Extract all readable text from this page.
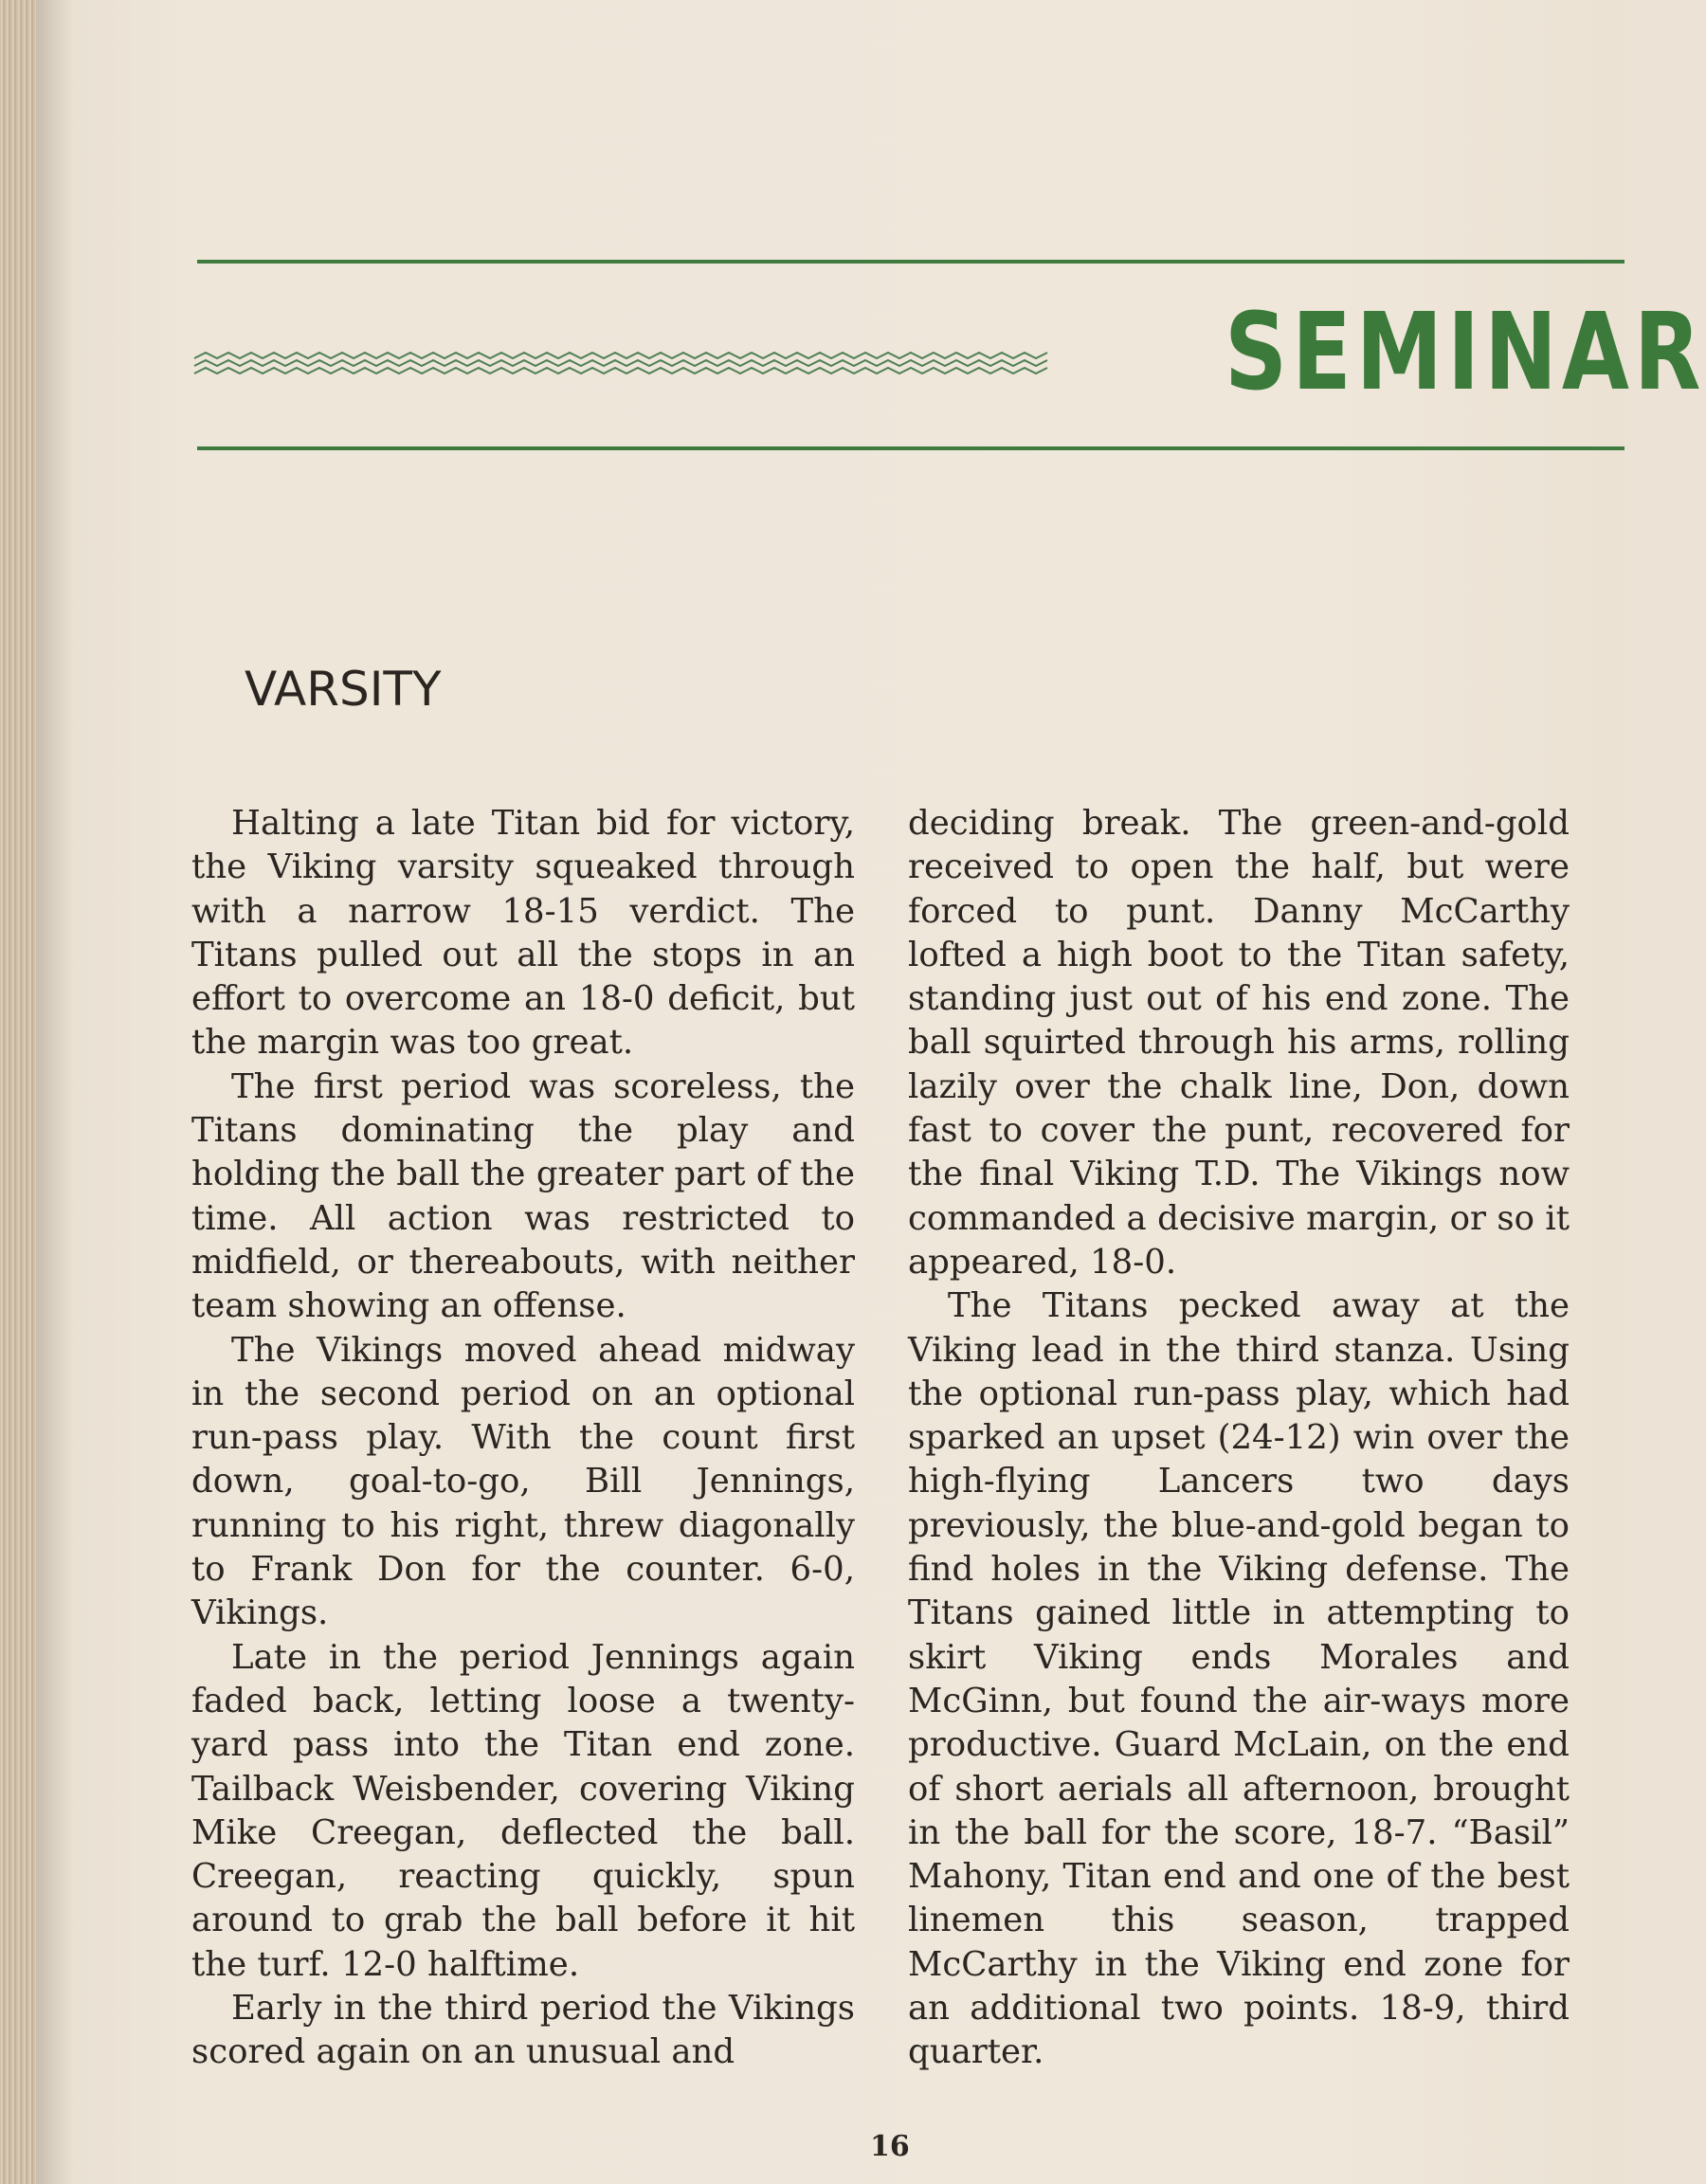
SEMINAR
VARSITY

Halting a late Titan bid for victory, the Viking varsity squeaked through with a narrow 18-15 verdict. The Titans pulled out all the stops in an effort to overcome an 18-0 deficit, but the margin was too great.

The first period was scoreless, the Titans dominating the play and holding the ball the greater part of the time. All action was restricted to midfield, or thereabouts, with neither team showing an offense.

The Vikings moved ahead midway in the second period on an optional run-pass play. With the count first down, goal-to-go, Bill Jennings, running to his right, threw diagonally to Frank Don for the counter. 6-0, Vikings.

Late in the period Jennings again faded back, letting loose a twenty-yard pass into the Titan end zone. Tailback Weisbender, covering Viking Mike Creegan, deflected the ball. Creegan, reacting quickly, spun around to grab the ball before it hit the turf. 12-0 halftime.

Early in the third period the Vikings scored again on an unusual and

deciding break. The green-and-gold received to open the half, but were forced to punt. Danny McCarthy lofted a high boot to the Titan safety, standing just out of his end zone. The ball squirted through his arms, rolling lazily over the chalk line, Don, down fast to cover the punt, recovered for the final Viking T.D. The Vikings now commanded a decisive margin, or so it appeared, 18-0.

The Titans pecked away at the Viking lead in the third stanza. Using the optional run-pass play, which had sparked an upset (24-12) win over the high-flying Lancers two days previously, the blue-and-gold began to find holes in the Viking defense. The Titans gained little in attempting to skirt Viking ends Morales and McGinn, but found the air-ways more productive. Guard McLain, on the end of short aerials all afternoon, brought in the ball for the score, 18-7. “Basil” Mahony, Titan end and one of the best linemen this season, trapped McCarthy in the Viking end zone for an additional two points. 18-9, third quarter.

16
